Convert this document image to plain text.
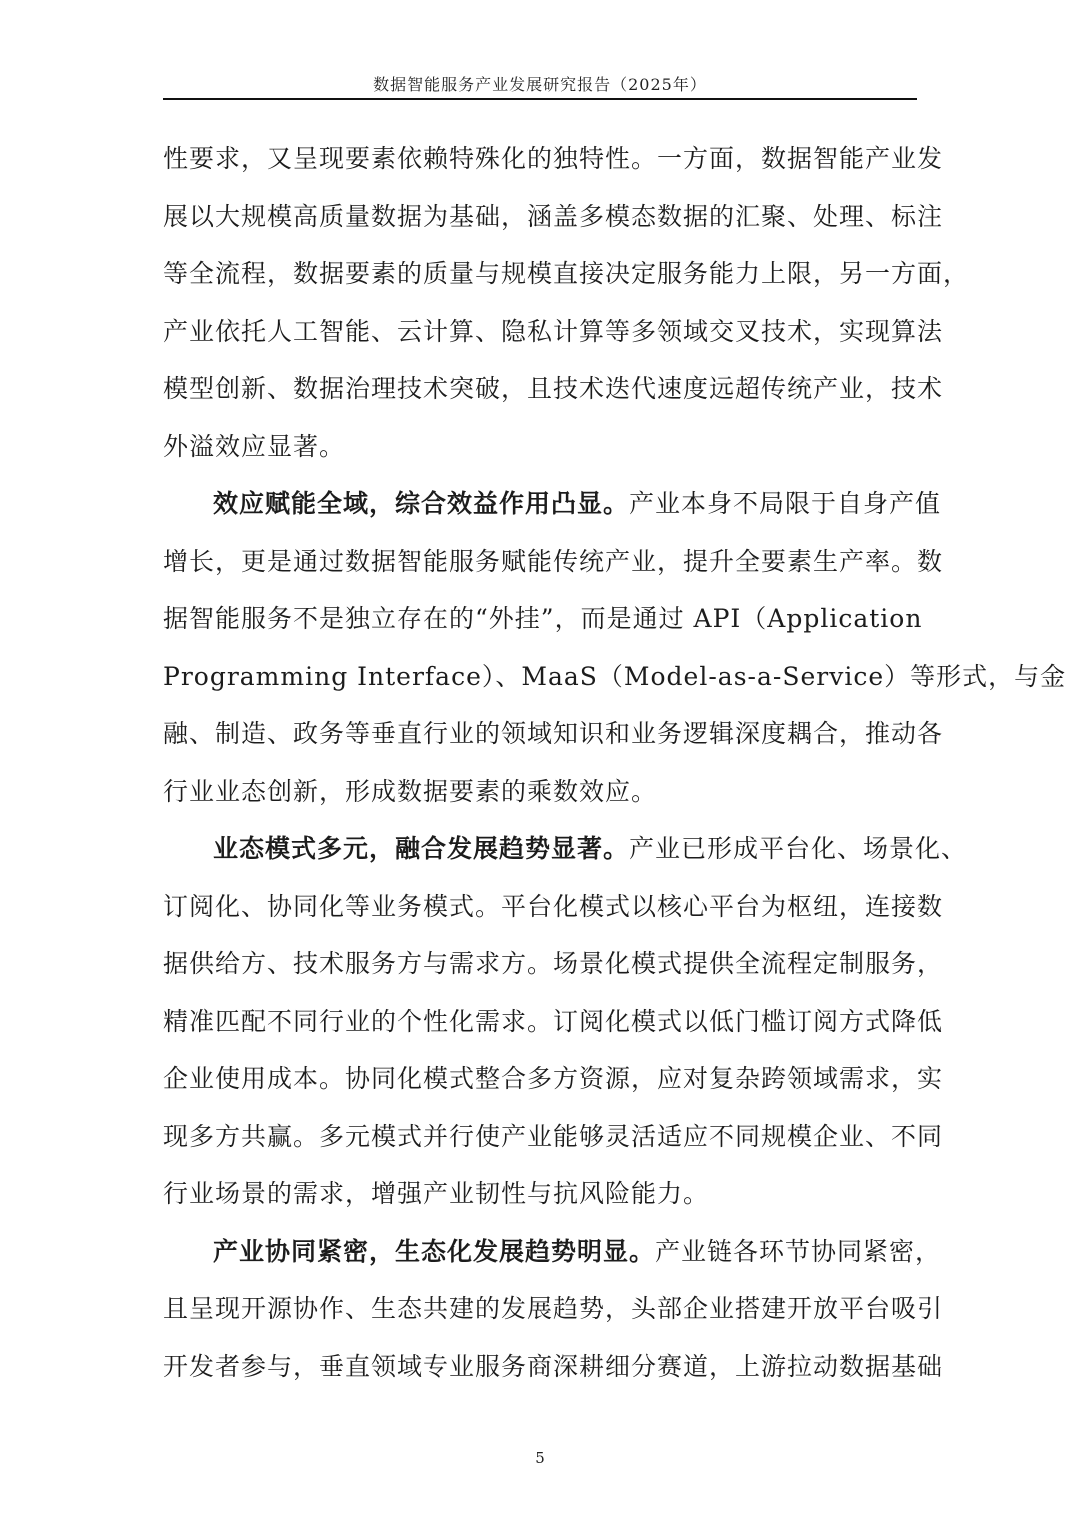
数据智能服务产业发展研究报告（2025年）
性要求，又呈现要素依赖特殊化的独特性。一方面，数据智能产业发
展以大规模高质量数据为基础，涵盖多模态数据的汇聚、处理、标注
等全流程，数据要素的质量与规模直接决定服务能力上限，另一方面，
产业依托人工智能、云计算、隐私计算等多领域交叉技术，实现算法
模型创新、数据治理技术突破，且技术迭代速度远超传统产业，技术
外溢效应显著。
效应赋能全域，综合效益作用凸显。产业本身不局限于自身产值
增长，更是通过数据智能服务赋能传统产业，提升全要素生产率。数
据智能服务不是独立存在的“外挂”，而是通过 API（Application
Programming Interface）、MaaS（Model-as-a-Service）等形式，与金
融、制造、政务等垂直行业的领域知识和业务逻辑深度耦合，推动各
行业业态创新，形成数据要素的乘数效应。
业态模式多元，融合发展趋势显著。产业已形成平台化、场景化、
订阅化、协同化等业务模式。平台化模式以核心平台为枢纽，连接数
据供给方、技术服务方与需求方。场景化模式提供全流程定制服务，
精准匹配不同行业的个性化需求。订阅化模式以低门槛订阅方式降低
企业使用成本。协同化模式整合多方资源，应对复杂跨领域需求，实
现多方共赢。多元模式并行使产业能够灵活适应不同规模企业、不同
行业场景的需求，增强产业韧性与抗风险能力。
产业协同紧密，生态化发展趋势明显。产业链各环节协同紧密，
且呈现开源协作、生态共建的发展趋势，头部企业搭建开放平台吸引
开发者参与，垂直领域专业服务商深耕细分赛道，上游拉动数据基础
5
